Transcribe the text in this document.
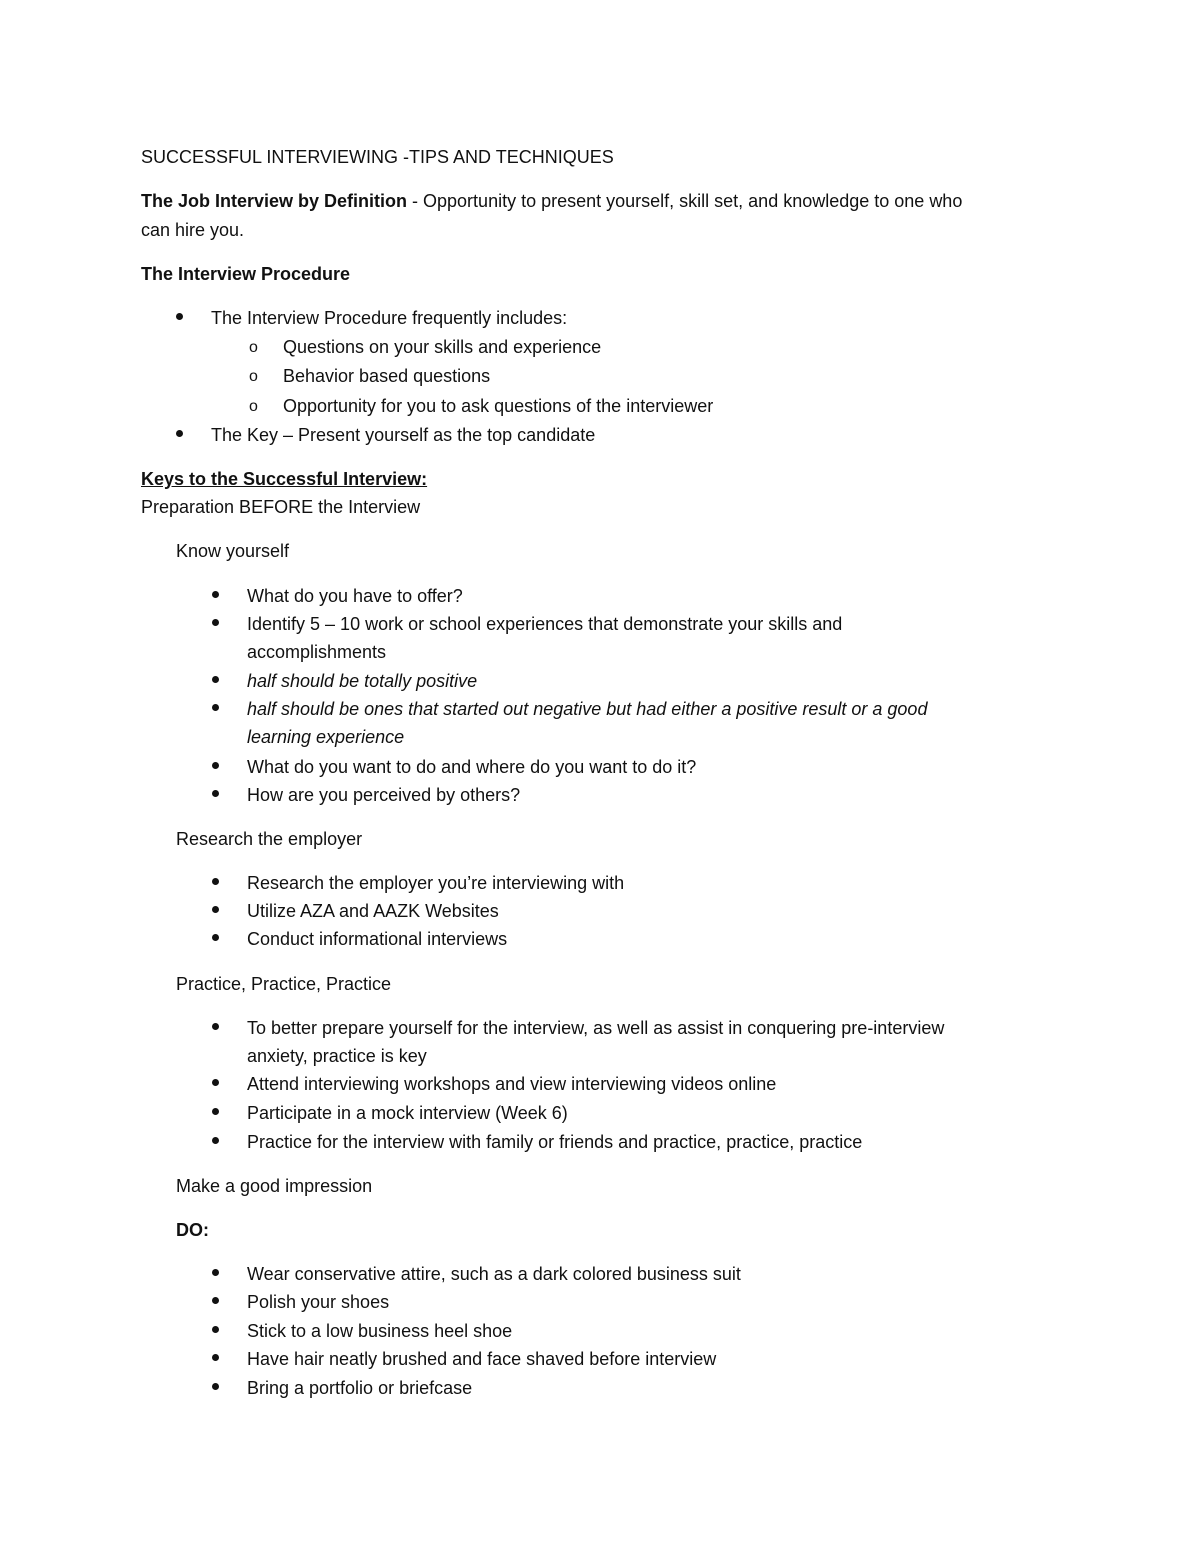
SUCCESSFUL INTERVIEWING -TIPS AND TECHNIQUES
The Job Interview by Definition - Opportunity to present yourself, skill set, and knowledge to one who
can hire you.
The Interview Procedure
The Interview Procedure frequently includes:
o Questions on your skills and experience
o Behavior based questions
o Opportunity for you to ask questions of the interviewer
The Key – Present yourself as the top candidate
Keys to the Successful Interview:
Preparation BEFORE the Interview
Know yourself
What do you have to offer?
Identify 5 – 10 work or school experiences that demonstrate your skills and
accomplishments
half should be totally positive
half should be ones that started out negative but had either a positive result or a good
learning experience
What do you want to do and where do you want to do it?
How are you perceived by others?
Research the employer
Research the employer you’re interviewing with
Utilize AZA and AAZK Websites
Conduct informational interviews
Practice, Practice, Practice
To better prepare yourself for the interview, as well as assist in conquering pre-interview
anxiety, practice is key
Attend interviewing workshops and view interviewing videos online
Participate in a mock interview (Week 6)
Practice for the interview with family or friends and practice, practice, practice
Make a good impression
DO:
Wear conservative attire, such as a dark colored business suit
Polish your shoes
Stick to a low business heel shoe
Have hair neatly brushed and face shaved before interview
Bring a portfolio or briefcase
